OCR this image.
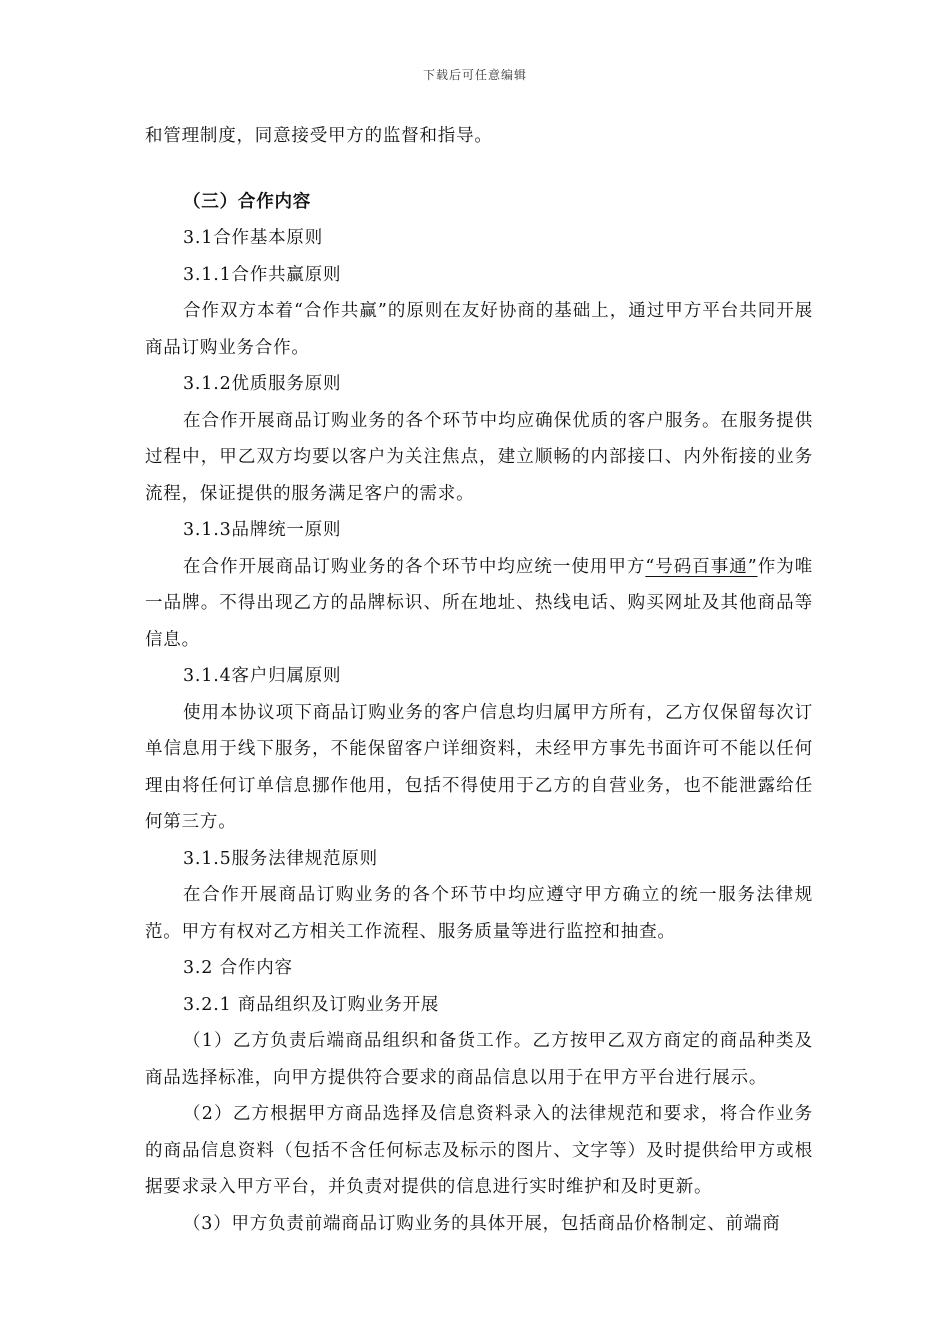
下载后可任意编辑

和管理制度，同意接受甲方的监督和指导。

（三）合作内容

3.1合作基本原则

3.1.1合作共赢原则

合作双方本着“合作共赢”的原则在友好协商的基础上，通过甲方平台共同开展商品订购业务合作。

3.1.2优质服务原则

在合作开展商品订购业务的各个环节中均应确保优质的客户服务。在服务提供过程中，甲乙双方均要以客户为关注焦点，建立顺畅的内部接口、内外衔接的业务流程，保证提供的服务满足客户的需求。

3.1.3品牌统一原则

在合作开展商品订购业务的各个环节中均应统一使用甲方“号码百事通”作为唯一品牌。不得出现乙方的品牌标识、所在地址、热线电话、购买网址及其他商品等信息。

3.1.4客户归属原则

使用本协议项下商品订购业务的客户信息均归属甲方所有，乙方仅保留每次订单信息用于线下服务，不能保留客户详细资料，未经甲方事先书面许可不能以任何理由将任何订单信息挪作他用，包括不得使用于乙方的自营业务，也不能泄露给任何第三方。

3.1.5服务法律规范原则

在合作开展商品订购业务的各个环节中均应遵守甲方确立的统一服务法律规范。甲方有权对乙方相关工作流程、服务质量等进行监控和抽查。

3.2 合作内容

3.2.1 商品组织及订购业务开展

（1）乙方负责后端商品组织和备货工作。乙方按甲乙双方商定的商品种类及商品选择标准，向甲方提供符合要求的商品信息以用于在甲方平台进行展示。

（2）乙方根据甲方商品选择及信息资料录入的法律规范和要求，将合作业务的商品信息资料（包括不含任何标志及标示的图片、文字等）及时提供给甲方或根据要求录入甲方平台，并负责对提供的信息进行实时维护和及时更新。

（3）甲方负责前端商品订购业务的具体开展，包括商品价格制定、前端商
